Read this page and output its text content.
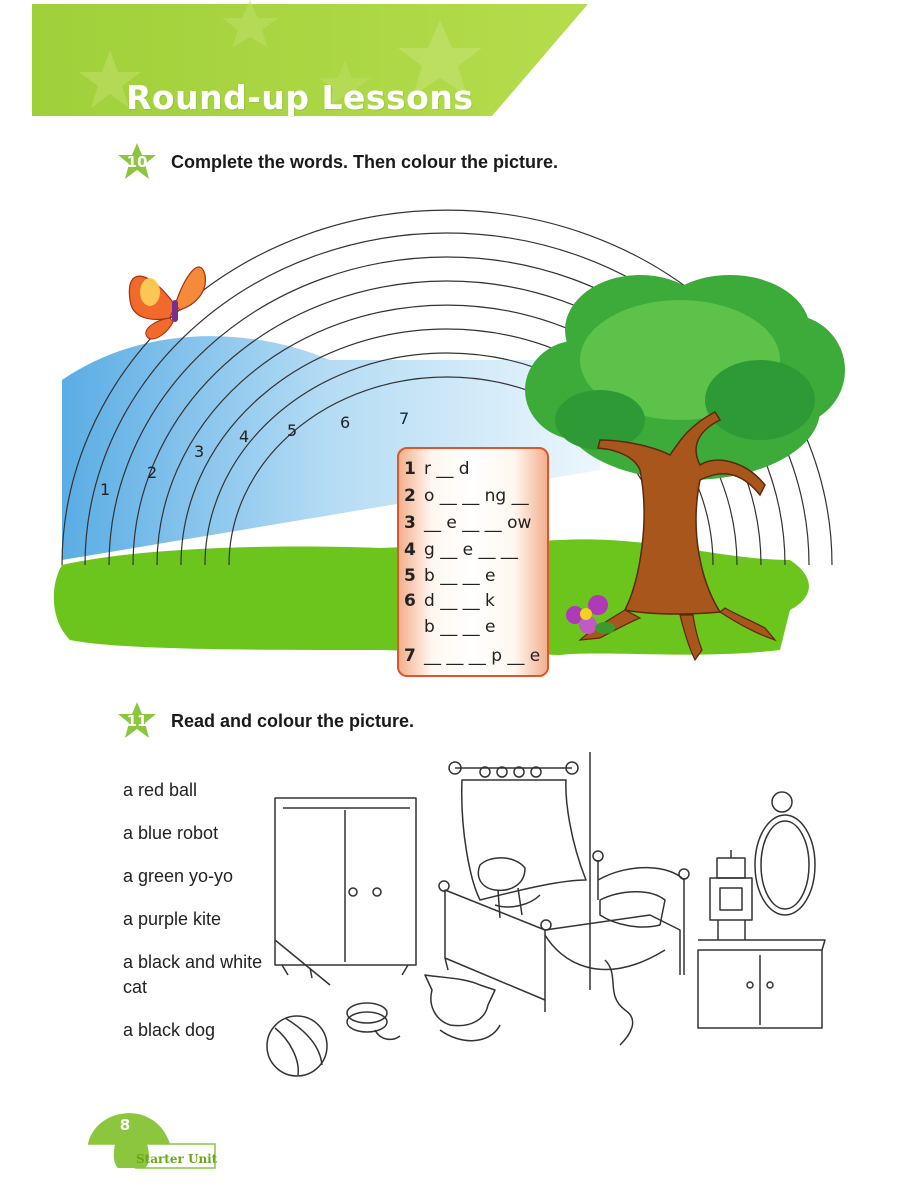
Round-up Lessons
10	Complete the words. Then colour the picture.
1
2
3
4 5	6	7
1 r __ d
2 o __ __ ng __
3 __ e __ __ ow
4 g __ e __ __
5 b __ __ e
6 d __ __ k
b __ __ e
7 __ __ __ p __ e
11	Read and colour the picture.
a red ball
a blue robot
a green yo-yo
a purple kite
a black and white cat
a black dog
8
Starter Unit
